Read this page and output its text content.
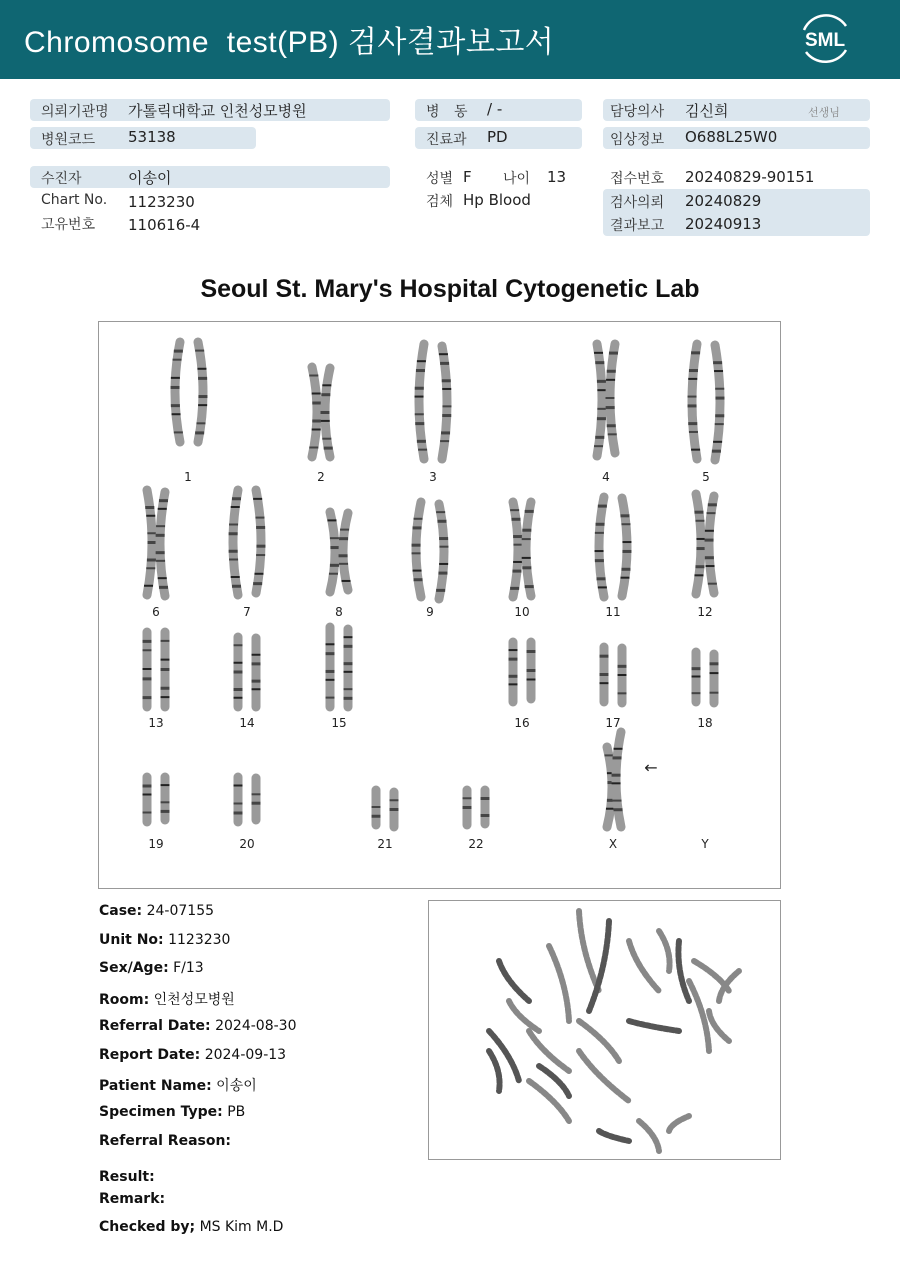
Chromosome  test(PB) 검사결과보고서	SML
의뢰기관명 가톨릭대학교 인천성모병원
병원코드 53138
병 동 / -
진료과 PD
담당의사 김신희	선생님
임상정보 O688L25W0
수진자	이송이
Chart No. 1123230
고유번호 110616-4
성별 F 나이 13
검체 Hp Blood
접수번호 20240829-90151
검사의뢰 20240829
결과보고 20240913
Seoul St. Mary's Hospital Cytogenetic Lab
1	2	3	4	5
6	7	8	9	10	11	12
13	14	15	16	17	18
19	20	21	22	X	Y
←
Case: 24-07155
Unit No: 1123230
Sex/Age: F/13
Room: 인천성모병원
Referral Date: 2024-08-30
Report Date: 2024-09-13
Patient Name: 이송이
Specimen Type: PB
Referral Reason:
Result:
Remark:
Checked by; MS Kim M.D
